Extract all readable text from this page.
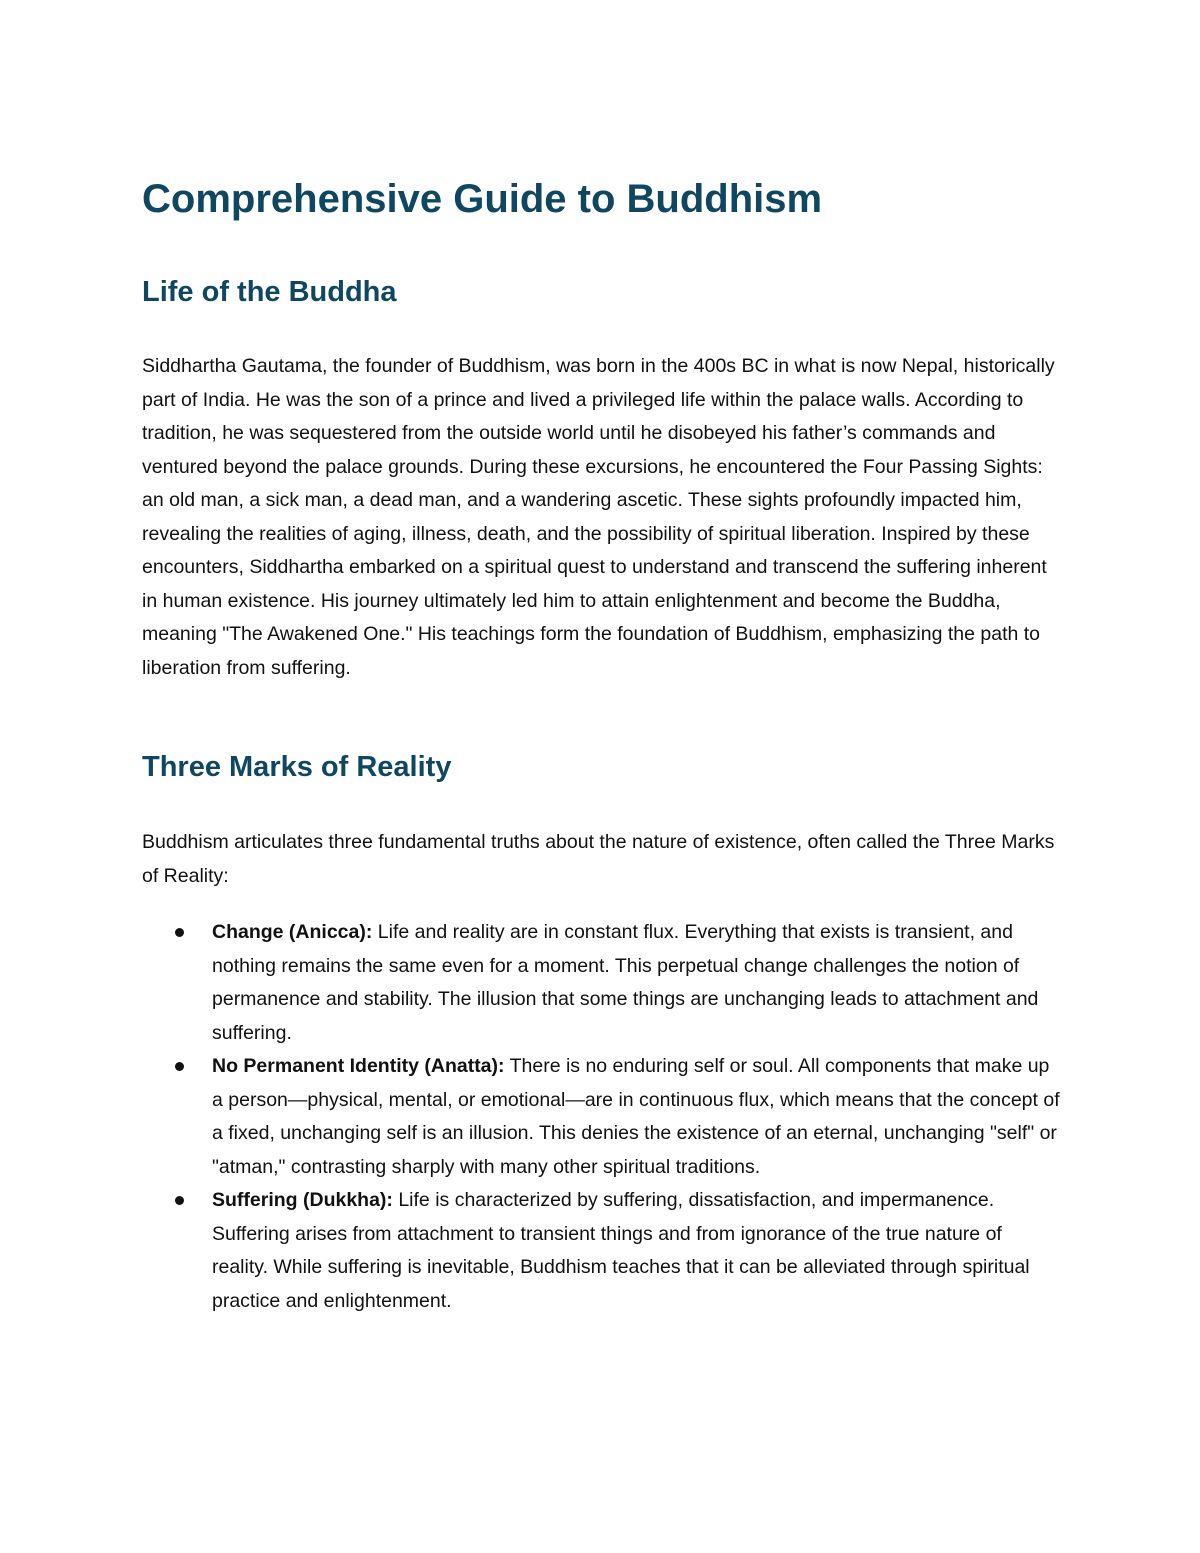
Comprehensive Guide to Buddhism
Life of the Buddha

Siddhartha Gautama, the founder of Buddhism, was born in the 400s BC in what is now Nepal, historically part of India. He was the son of a prince and lived a privileged life within the palace walls. According to tradition, he was sequestered from the outside world until he disobeyed his father’s commands and ventured beyond the palace grounds. During these excursions, he encountered the Four Passing Sights: an old man, a sick man, a dead man, and a wandering ascetic. These sights profoundly impacted him, revealing the realities of aging, illness, death, and the possibility of spiritual liberation. Inspired by these encounters, Siddhartha embarked on a spiritual quest to understand and transcend the suffering inherent in human existence. His journey ultimately led him to attain enlightenment and become the Buddha, meaning "The Awakened One." His teachings form the foundation of Buddhism, emphasizing the path to liberation from suffering.

Three Marks of Reality

Buddhism articulates three fundamental truths about the nature of existence, often called the Three Marks of Reality:

Change (Anicca): Life and reality are in constant flux. Everything that exists is transient, and nothing remains the same even for a moment. This perpetual change challenges the notion of permanence and stability. The illusion that some things are unchanging leads to attachment and suffering.
No Permanent Identity (Anatta): There is no enduring self or soul. All components that make up a person—physical, mental, or emotional—are in continuous flux, which means that the concept of a fixed, unchanging self is an illusion. This denies the existence of an eternal, unchanging "self" or "atman," contrasting sharply with many other spiritual traditions.
Suffering (Dukkha): Life is characterized by suffering, dissatisfaction, and impermanence. Suffering arises from attachment to transient things and from ignorance of the true nature of reality. While suffering is inevitable, Buddhism teaches that it can be alleviated through spiritual practice and enlightenment.
